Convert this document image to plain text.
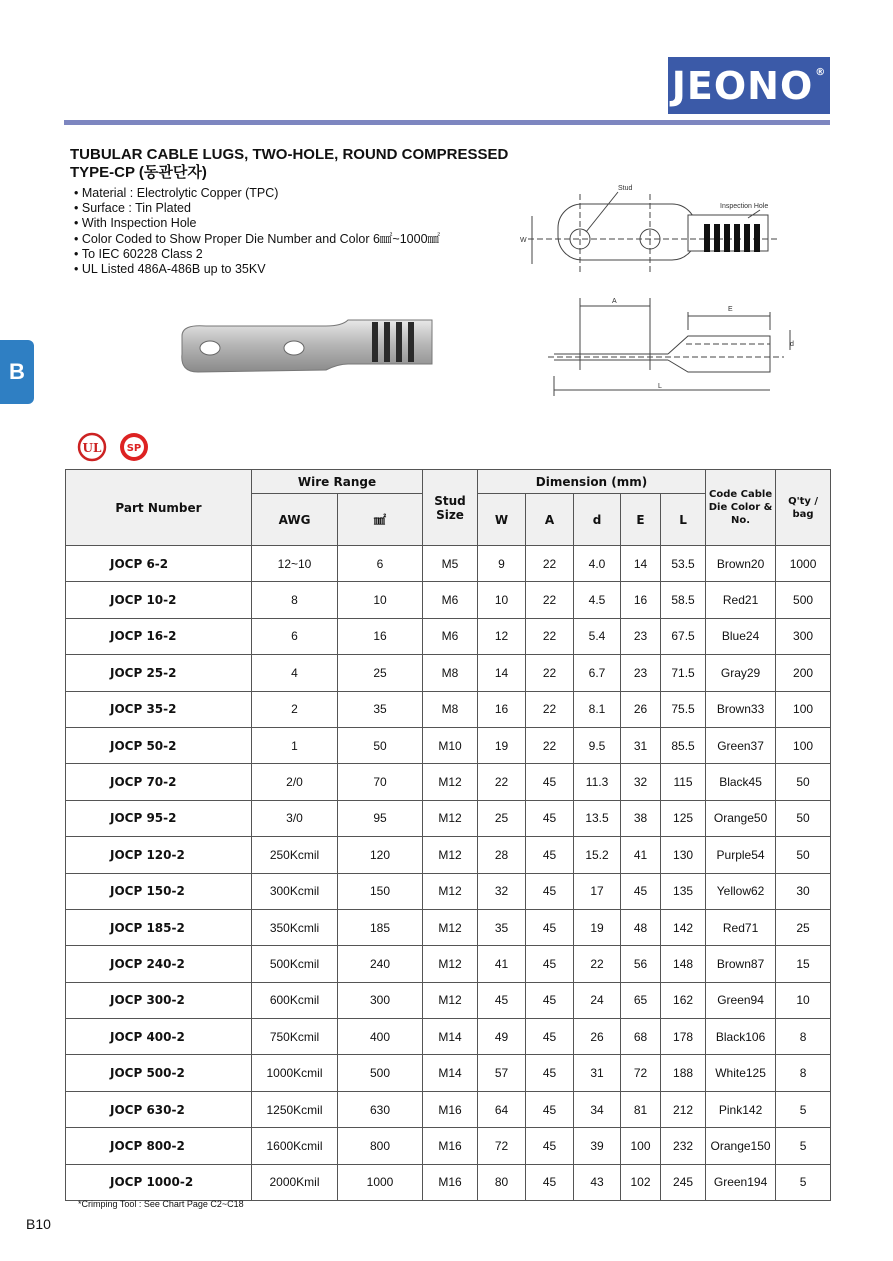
JEONO®
B
TUBULAR CABLE LUGS, TWO-HOLE, ROUND COMPRESSED
TYPE-CP (동관단자)
• Material : Electrolytic Copper (TPC)
• Surface : Tin Plated
• With Inspection Hole
• Color Coded to Show Proper Die Number and Color 6㎟~1000㎟
• To IEC 60228 Class 2
• UL Listed 486A-486B up to 35KV
Stud
Inspection Hole
W
A
E
d
L
UL	SP
Part Number	Wire Range		Stud Size	Dimension (mm)					Code Cable Die Color & No.	Q'ty / bag
	AWG	㎟		W	A	d	E	L		
JOCP 6-2	12~10	6	M5	9	22	4.0	14	53.5	Brown20	1000
JOCP 10-2	8	10	M6	10	22	4.5	16	58.5	Red21	500
JOCP 16-2	6	16	M6	12	22	5.4	23	67.5	Blue24	300
JOCP 25-2	4	25	M8	14	22	6.7	23	71.5	Gray29	200
JOCP 35-2	2	35	M8	16	22	8.1	26	75.5	Brown33	100
JOCP 50-2	1	50	M10	19	22	9.5	31	85.5	Green37	100
JOCP 70-2	2/0	70	M12	22	45	11.3	32	115	Black45	50
JOCP 95-2	3/0	95	M12	25	45	13.5	38	125	Orange50	50
JOCP 120-2	250Kcmil	120	M12	28	45	15.2	41	130	Purple54	50
JOCP 150-2	300Kcmil	150	M12	32	45	17	45	135	Yellow62	30
JOCP 185-2	350Kcmli	185	M12	35	45	19	48	142	Red71	25
JOCP 240-2	500Kcmil	240	M12	41	45	22	56	148	Brown87	15
JOCP 300-2	600Kcmil	300	M12	45	45	24	65	162	Green94	10
JOCP 400-2	750Kcmil	400	M14	49	45	26	68	178	Black106	8
JOCP 500-2	1000Kcmil	500	M14	57	45	31	72	188	White125	8
JOCP 630-2	1250Kcmil	630	M16	64	45	34	81	212	Pink142	5
JOCP 800-2	1600Kcmil	800	M16	72	45	39	100	232	Orange150	5
JOCP 1000-2	2000Kmil	1000	M16	80	45	43	102	245	Green194	5
*Crimping Tool : See Chart Page C2~C18
B10
